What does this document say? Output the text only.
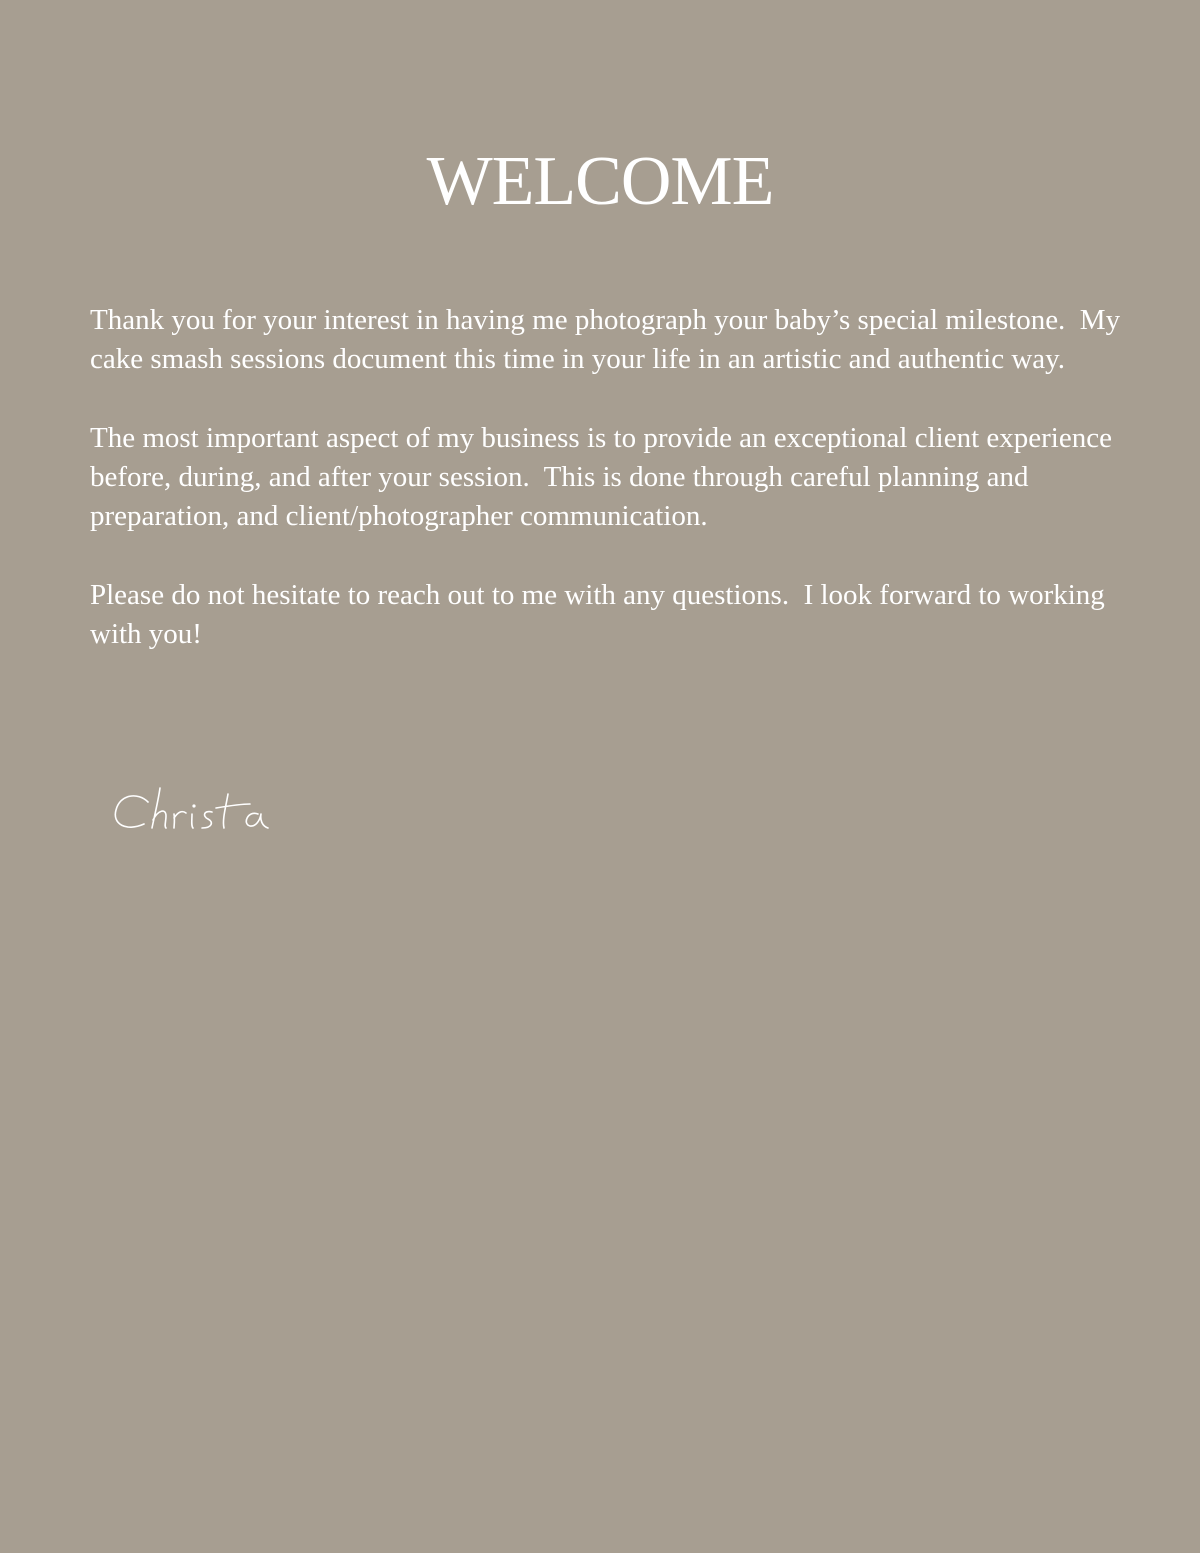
WELCOME

Thank you for your interest in having me photograph your baby’s special milestone.  My cake smash sessions document this time in your life in an artistic and authentic way.

The most important aspect of my business is to provide an exceptional client experience before, during, and after your session.  This is done through careful planning and preparation, and client/photographer communication.

Please do not hesitate to reach out to me with any questions.  I look forward to working with you!
